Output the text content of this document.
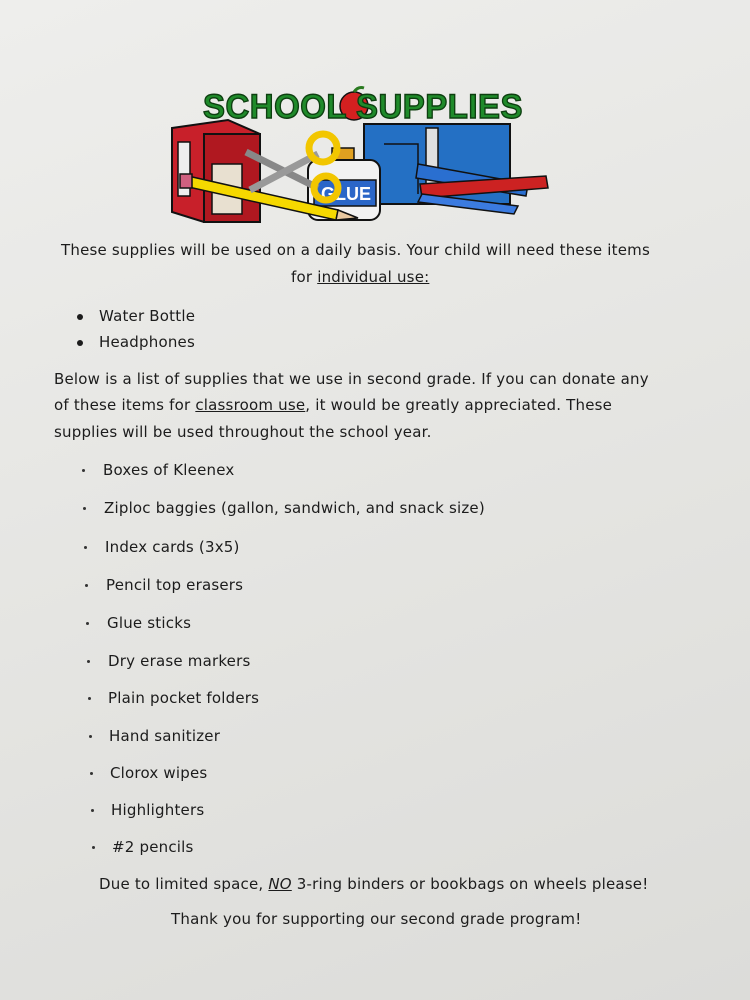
GLUE
SCHOOL SUPPLIES
These supplies will be used on a daily basis. Your child will need these items
for individual use:
Water Bottle
Headphones
Below is a list of supplies that we use in second grade. If you can donate any
of these items for classroom use, it would be greatly appreciated. These
supplies will be used throughout the school year.
Boxes of Kleenex
Ziploc baggies (gallon, sandwich, and snack size)
Index cards (3x5)
Pencil top erasers
Glue sticks
Dry erase markers
Plain pocket folders
Hand sanitizer
Clorox wipes
Highlighters
#2 pencils
Due to limited space, NO 3-ring binders or bookbags on wheels please!
Thank you for supporting our second grade program!
